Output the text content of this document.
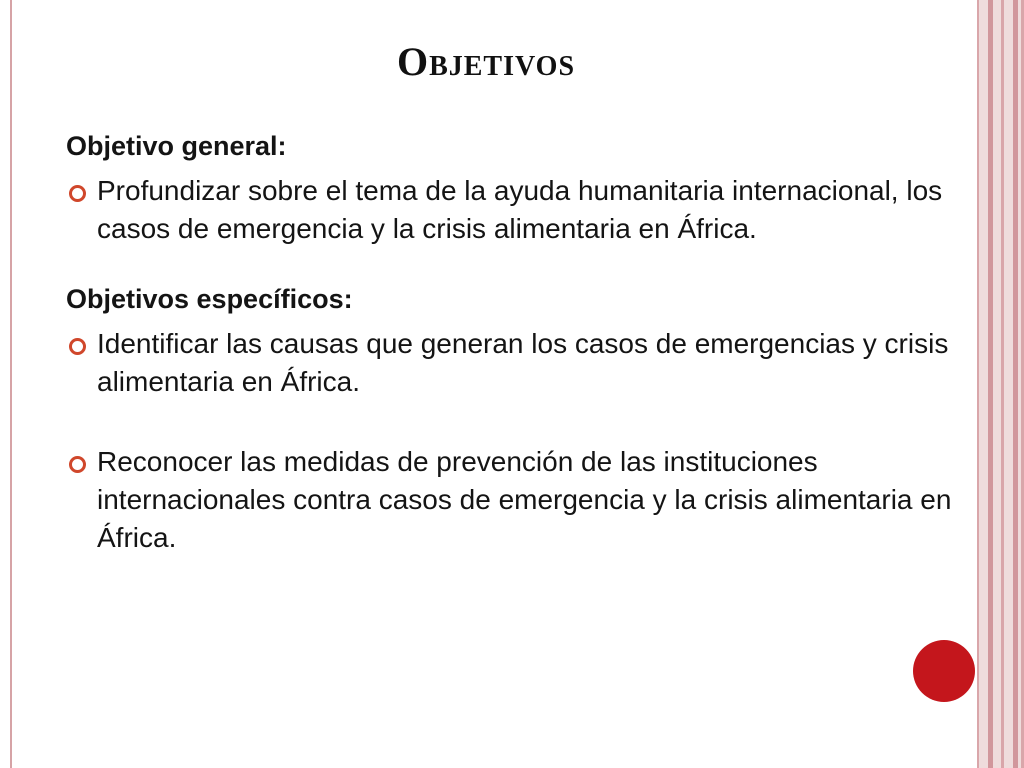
Objetivos
Objetivo general:
Profundizar sobre el tema de la ayuda humanitaria internacional, los casos de emergencia y la crisis alimentaria en África.
Objetivos específicos:
Identificar las causas que generan los casos de emergencias y crisis alimentaria en África.
Reconocer las medidas de prevención de las instituciones internacionales contra casos de emergencia y la crisis alimentaria en África.
